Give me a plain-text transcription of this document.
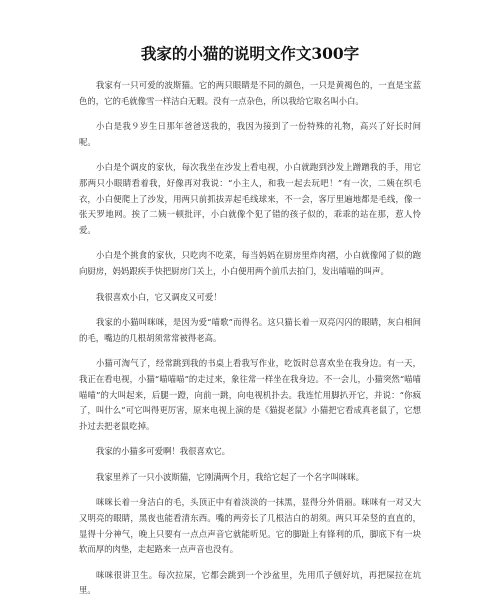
我家的小猫的说明文作文300字

我家有一只可爱的波斯猫。它的两只眼睛是不同的颜色，一只是黄褐色的，一直是宝蓝色的，它的毛就像雪一样洁白无暇。没有一点杂色，所以我给它取名叫小白。

小白是我９岁生日那年爸爸送我的，我因为接到了一份特殊的礼物，高兴了好长时间呢。

小白是个调皮的家伙，每次我坐在沙发上看电视，小白就跑到沙发上蹭蹭我的手，用它那两只小眼睛看着我，好像再对我说：“小主人，和我一起去玩吧！”有一次，二姨在织毛衣，小白便爬上了沙发，用两只前抓拔弄起毛线球来，不一会，客厅里遍地都是毛线，像一张天罗地网。挨了二姨一顿批评，小白就像个犯了错的孩子似的，乖乖的站在那，惹人怜爱。

小白是个挑食的家伙，只吃肉不吃菜，每当妈妈在厨房里炸肉褶，小白就像闻了似的跑向厨房，妈妈跟疾手快把厨房门关上，小白便用两个前爪去拍门，发出喵喵的叫声。

我很喜欢小白，它又调皮又可爱！

我家的小猫叫咪咪，是因为爱“喵歌”而得名。这只猫长着一双亮闪闪的眼睛，灰白相间的毛，嘴边的几根胡须常常被得老高。

小猫可淘气了，经常跳到我的书桌上看我写作业，吃饭时总喜欢坐在我身边。有一天，我正在看电视，小猫“喵喵喵”的走过来，象往常一样坐在我身边。不一会儿，小猫突然“喵喵喵喵”的大叫起来，后腿一蹬，向前一跳，向电视机扑去。我连忙用脚扒开它，并说：“你疯了，叫什么”可它叫得更厉害，原来电视上演的是《猫捉老鼠》小猫把它看成真老鼠了，它想扑过去把老鼠吃掉。

我家的小猫多可爱啊！我很喜欢它。

我家里养了一只小波斯猫，它刚满两个月，我给它起了一个名字叫咪咪。

咪咪长着一身洁白的毛，头顶正中有着淡淡的一抹黑，显得分外俏丽。咪咪有一对又大又明亮的眼睛，黑夜也能看清东西。嘴的两旁长了几根洁白的胡须。两只耳朵竖的直直的，显得十分神气，晚上只要有一点点声音它就能听见。它的脚趾上有锋利的爪，脚底下有一块软而厚的肉垫，走起路来一点声音也没有。

咪咪很讲卫生。每次拉屎，它都会跳到一个沙盆里，先用爪子刨好坑，再把屎拉在坑里。
